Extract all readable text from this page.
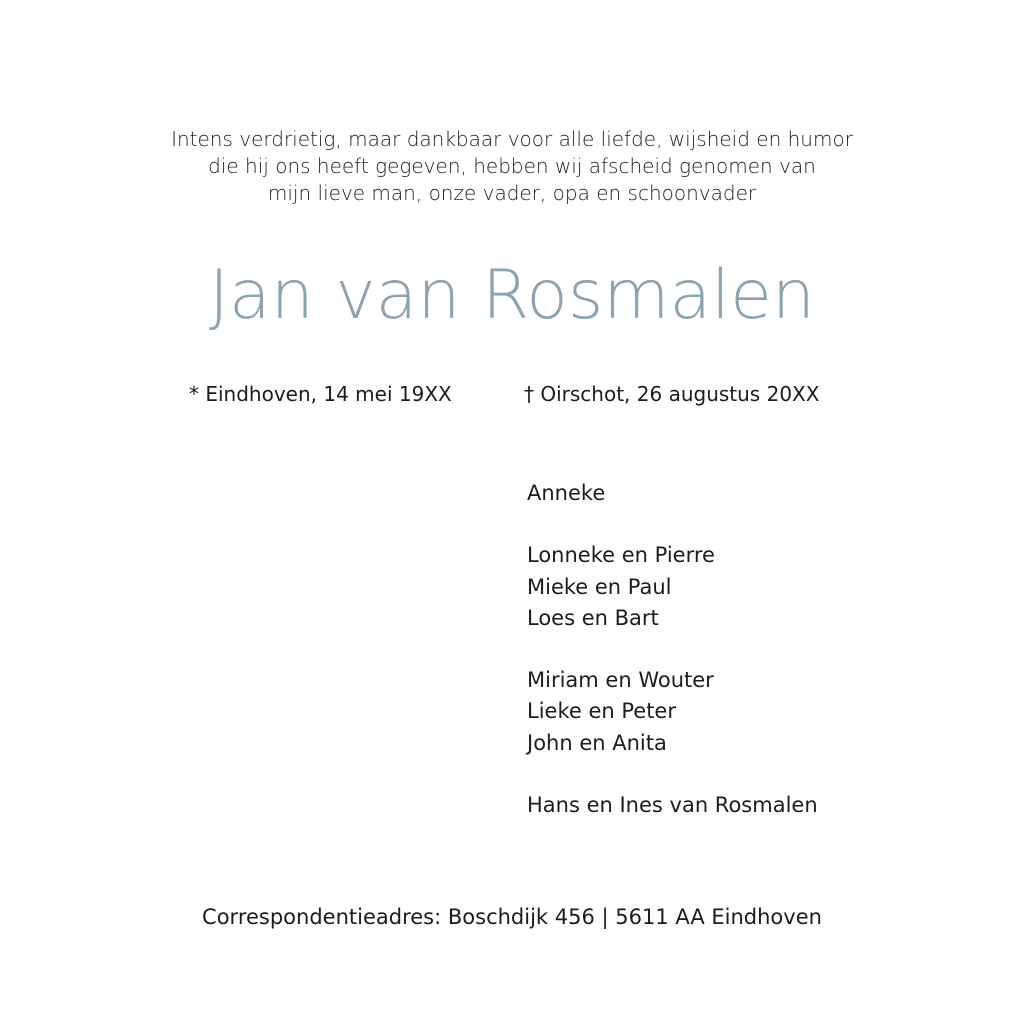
Intens verdrietig, maar dankbaar voor alle liefde, wijsheid en humor
die hij ons heeft gegeven, hebben wij afscheid genomen van
mijn lieve man, onze vader, opa en schoonvader
Jan van Rosmalen
* Eindhoven, 14 mei 19XX	† Oirschot, 26 augustus 20XX
Anneke
Lonneke en Pierre
Mieke en Paul
Loes en Bart
Miriam en Wouter
Lieke en Peter
John en Anita
Hans en Ines van Rosmalen
Correspondentieadres: Boschdijk 456 | 5611 AA Eindhoven
